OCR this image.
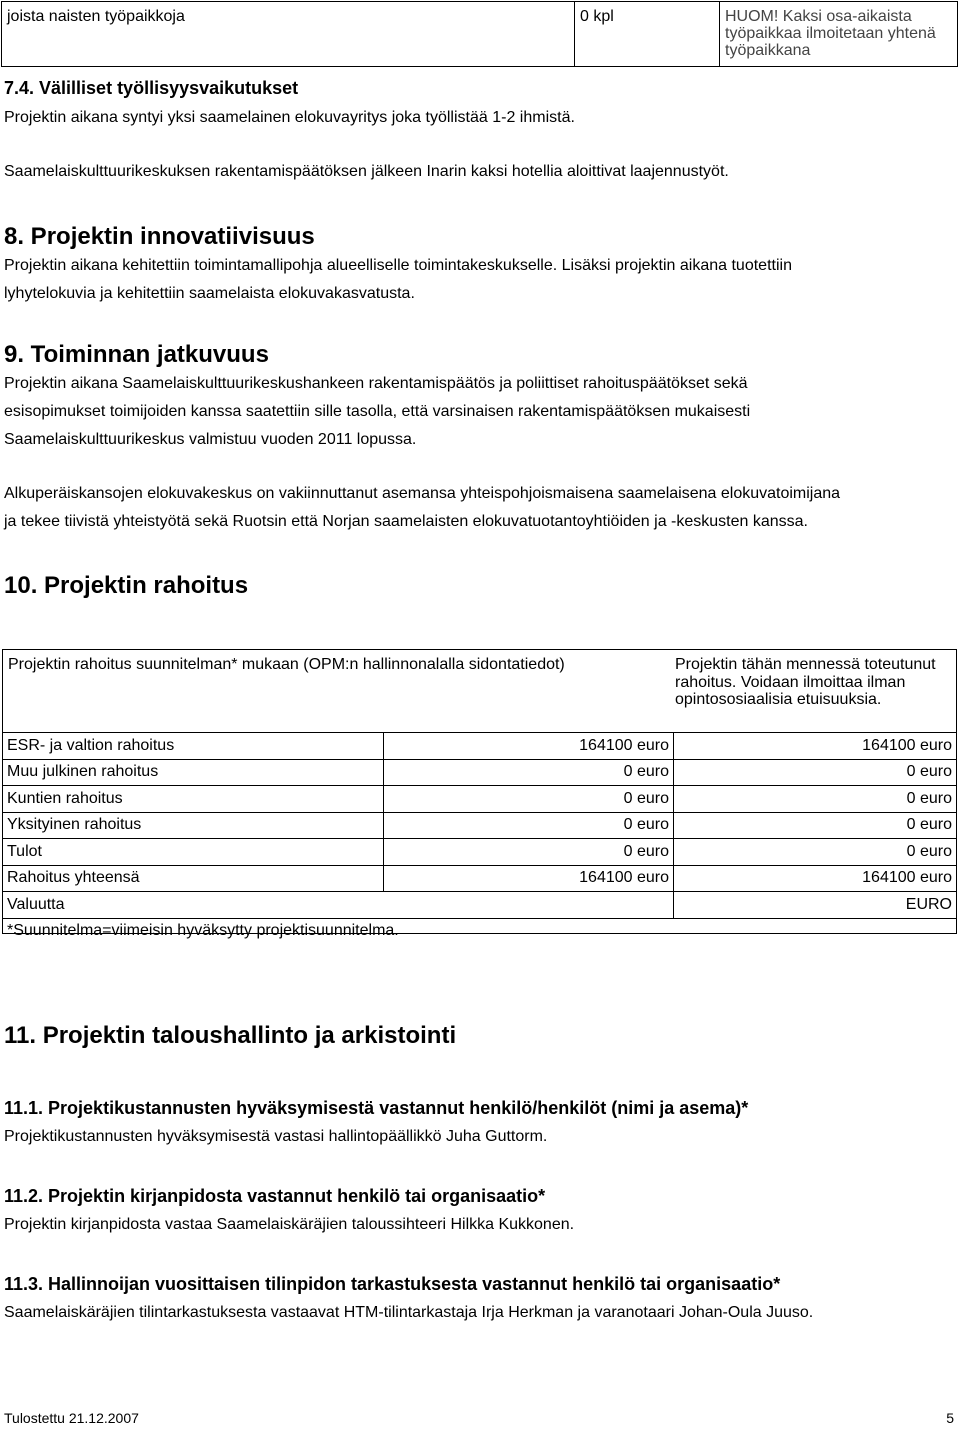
joista naisten työpaikkoja	0 kpl	HUOM! Kaksi osa-aikaista työpaikkaa ilmoitetaan yhtenä työpaikkana
7.4. Välilliset työllisyysvaikutukset
Projektin aikana syntyi yksi saamelainen elokuvayritys joka työllistää 1-2 ihmistä.
Saamelaiskulttuurikeskuksen rakentamispäätöksen jälkeen Inarin kaksi hotellia aloittivat laajennustyöt.
8. Projektin innovatiivisuus
Projektin aikana kehitettiin toimintamallipohja alueelliselle toimintakeskukselle. Lisäksi projektin aikana tuotettiin
lyhytelokuvia ja kehitettiin saamelaista elokuvakasvatusta.
9. Toiminnan jatkuvuus
Projektin aikana Saamelaiskulttuurikeskushankeen rakentamispäätös ja poliittiset rahoituspäätökset sekä
esisopimukset toimijoiden kanssa saatettiin sille tasolla, että varsinaisen rakentamispäätöksen mukaisesti
Saamelaiskulttuurikeskus valmistuu vuoden 2011 lopussa.
Alkuperäiskansojen elokuvakeskus on vakiinnuttanut asemansa yhteispohjoismaisena saamelaisena elokuvatoimijana
ja tekee tiivistä yhteistyötä sekä Ruotsin että Norjan saamelaisten elokuvatuotantoyhtiöiden ja -keskusten kanssa.
10. Projektin rahoitus
Projektin rahoitus suunnitelman* mukaan (OPM:n hallinnonalalla sidontatiedot)	Projektin tähän mennessä toteutunut rahoitus. Voidaan ilmoittaa ilman opintososiaalisia etuisuuksia.
ESR- ja valtion rahoitus	164100 euro	164100 euro
Muu julkinen rahoitus	0 euro	0 euro
Kuntien rahoitus	0 euro	0 euro
Yksityinen rahoitus	0 euro	0 euro
Tulot	0 euro	0 euro
Rahoitus yhteensä	164100 euro	164100 euro
Valuutta		EURO
*Suunnitelma=viimeisin hyväksytty projektisuunnitelma.		
11. Projektin taloushallinto ja arkistointi
11.1. Projektikustannusten hyväksymisestä vastannut henkilö/henkilöt (nimi ja asema)*
Projektikustannusten hyväksymisestä vastasi hallintopäällikkö Juha Guttorm.
11.2. Projektin kirjanpidosta vastannut henkilö tai organisaatio*
Projektin kirjanpidosta vastaa Saamelaiskäräjien taloussihteeri Hilkka Kukkonen.
11.3. Hallinnoijan vuosittaisen tilinpidon tarkastuksesta vastannut henkilö tai organisaatio*
Saamelaiskäräjien tilintarkastuksesta vastaavat HTM-tilintarkastaja Irja Herkman ja varanotaari Johan-Oula Juuso.
Tulostettu 21.12.2007	5
